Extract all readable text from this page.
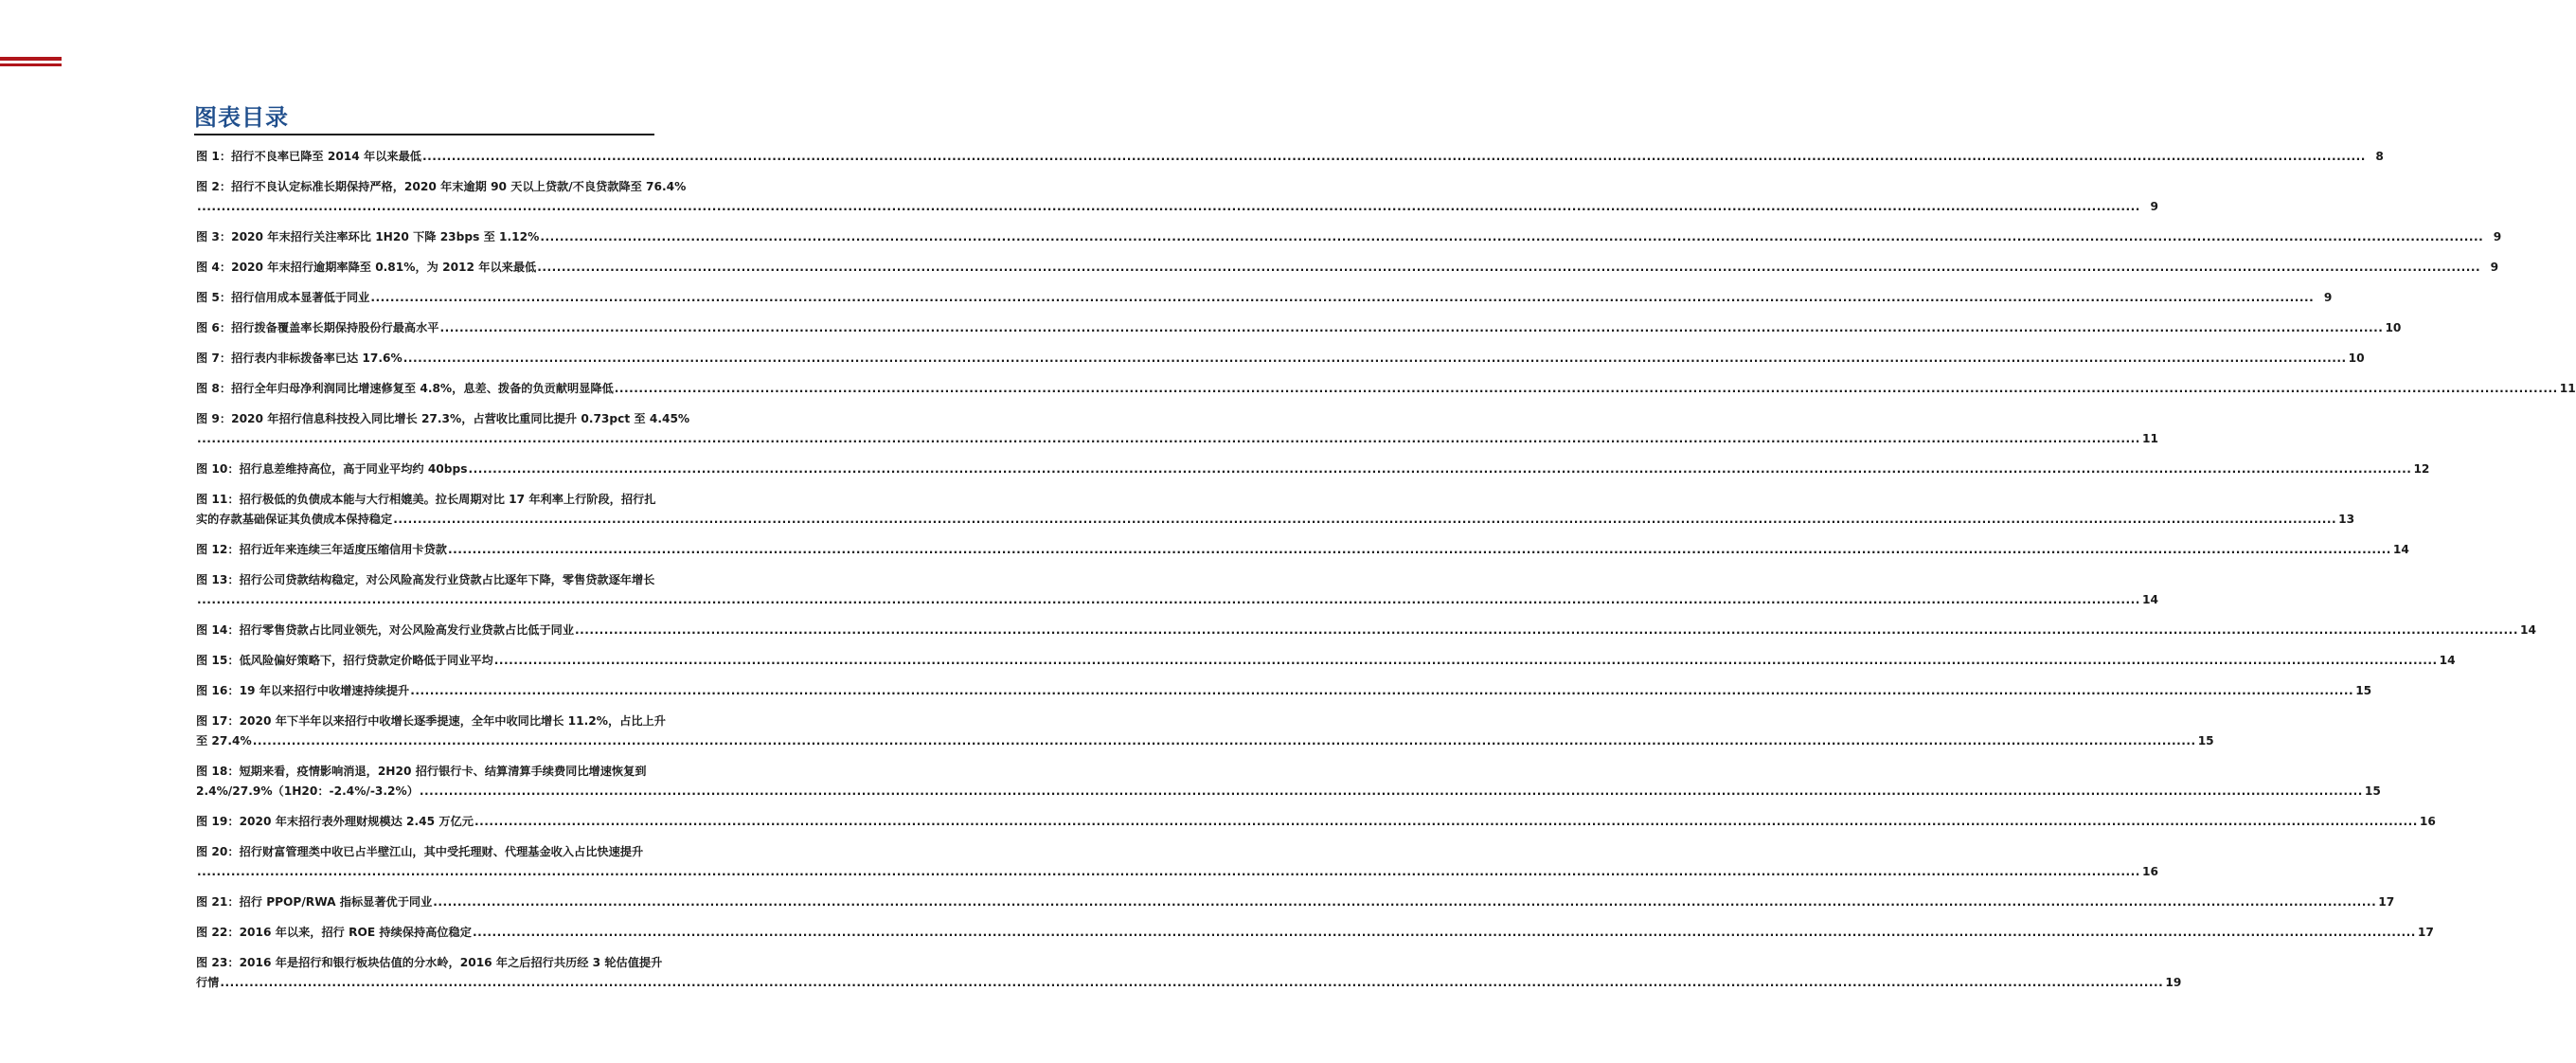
图表目录
图 1：招行不良率已降至 2014 年以来最低 ................................................................................................................................................................................................................................................................................................................................................................................................................ 8
图 2：招行不良认定标准长期保持严格，2020 年末逾期 90 天以上贷款/不良贷款降至 76.4%
................................................................................................................................................................................................................................................................................................................................................................................................................ 9
图 3：2020 年末招行关注率环比 1H20 下降 23bps 至 1.12% ................................................................................................................................................................................................................................................................................................................................................................................................................ 9
图 4：2020 年末招行逾期率降至 0.81%，为 2012 年以来最低 ................................................................................................................................................................................................................................................................................................................................................................................................................ 9
图 5：招行信用成本显著低于同业 ................................................................................................................................................................................................................................................................................................................................................................................................................ 9
图 6：招行拨备覆盖率长期保持股份行最高水平 ................................................................................................................................................................................................................................................................................................................................................................................................................ 10
图 7：招行表内非标拨备率已达 17.6% ................................................................................................................................................................................................................................................................................................................................................................................................................ 10
图 8：招行全年归母净利润同比增速修复至 4.8%，息差、拨备的负贡献明显降低 ................................................................................................................................................................................................................................................................................................................................................................................................................ 11
图 9：2020 年招行信息科技投入同比增长 27.3%，占营收比重同比提升 0.73pct 至 4.45%
................................................................................................................................................................................................................................................................................................................................................................................................................ 11
图 10：招行息差维持高位，高于同业平均约 40bps ................................................................................................................................................................................................................................................................................................................................................................................................................ 12
图 11：招行极低的负债成本能与大行相媲美。拉长周期对比 17 年利率上行阶段，招行扎
实的存款基础保证其负债成本保持稳定 ................................................................................................................................................................................................................................................................................................................................................................................................................ 13
图 12：招行近年来连续三年适度压缩信用卡贷款 ................................................................................................................................................................................................................................................................................................................................................................................................................ 14
图 13：招行公司贷款结构稳定，对公风险高发行业贷款占比逐年下降，零售贷款逐年增长
................................................................................................................................................................................................................................................................................................................................................................................................................ 14
图 14：招行零售贷款占比同业领先，对公风险高发行业贷款占比低于同业 ................................................................................................................................................................................................................................................................................................................................................................................................................ 14
图 15：低风险偏好策略下，招行贷款定价略低于同业平均 ................................................................................................................................................................................................................................................................................................................................................................................................................ 14
图 16：19 年以来招行中收增速持续提升 ................................................................................................................................................................................................................................................................................................................................................................................................................ 15
图 17：2020 年下半年以来招行中收增长逐季提速，全年中收同比增长 11.2%，占比上升
至 27.4% ................................................................................................................................................................................................................................................................................................................................................................................................................ 15
图 18：短期来看，疫情影响消退，2H20 招行银行卡、结算清算手续费同比增速恢复到
2.4%/27.9%（1H20：-2.4%/-3.2%） ................................................................................................................................................................................................................................................................................................................................................................................................................ 15
图 19：2020 年末招行表外理财规模达 2.45 万亿元 ................................................................................................................................................................................................................................................................................................................................................................................................................ 16
图 20：招行财富管理类中收已占半壁江山，其中受托理财、代理基金收入占比快速提升
................................................................................................................................................................................................................................................................................................................................................................................................................ 16
图 21：招行 PPOP/RWA 指标显著优于同业 ................................................................................................................................................................................................................................................................................................................................................................................................................ 17
图 22：2016 年以来，招行 ROE 持续保持高位稳定 ................................................................................................................................................................................................................................................................................................................................................................................................................ 17
图 23：2016 年是招行和银行板块估值的分水岭，2016 年之后招行共历经 3 轮估值提升
行情 ................................................................................................................................................................................................................................................................................................................................................................................................................ 19
